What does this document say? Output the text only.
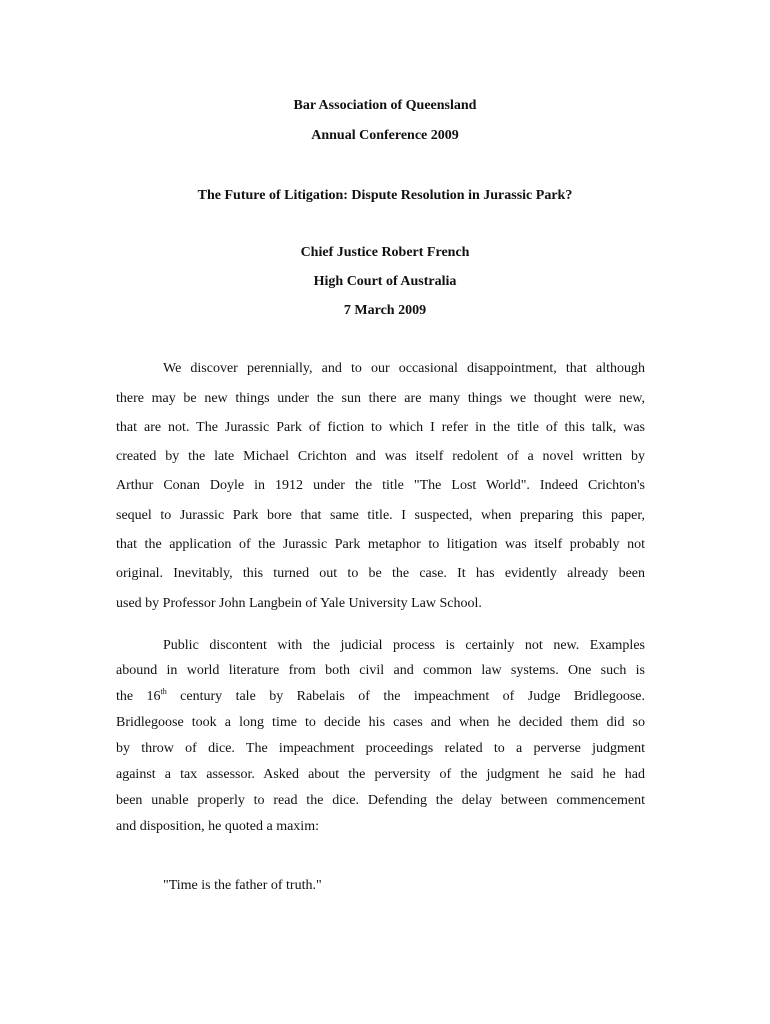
Bar Association of Queensland
Annual Conference 2009
The Future of Litigation: Dispute Resolution in Jurassic Park?
Chief Justice Robert French
High Court of Australia
7 March 2009
We discover perennially, and to our occasional disappointment, that although
there may be new things under the sun there are many things we thought were new,
that are not. The Jurassic Park of fiction to which I refer in the title of this talk, was
created by the late Michael Crichton and was itself redolent of a novel written by
Arthur Conan Doyle in 1912 under the title "The Lost World". Indeed Crichton's
sequel to Jurassic Park bore that same title. I suspected, when preparing this paper,
that the application of the Jurassic Park metaphor to litigation was itself probably not
original. Inevitably, this turned out to be the case. It has evidently already been
used by Professor John Langbein of Yale University Law School.
Public discontent with the judicial process is certainly not new. Examples
abound in world literature from both civil and common law systems. One such is
the 16th century tale by Rabelais of the impeachment of Judge Bridlegoose.
Bridlegoose took a long time to decide his cases and when he decided them did so
by throw of dice. The impeachment proceedings related to a perverse judgment
against a tax assessor. Asked about the perversity of the judgment he said he had
been unable properly to read the dice. Defending the delay between commencement
and disposition, he quoted a maxim:
"Time is the father of truth."
